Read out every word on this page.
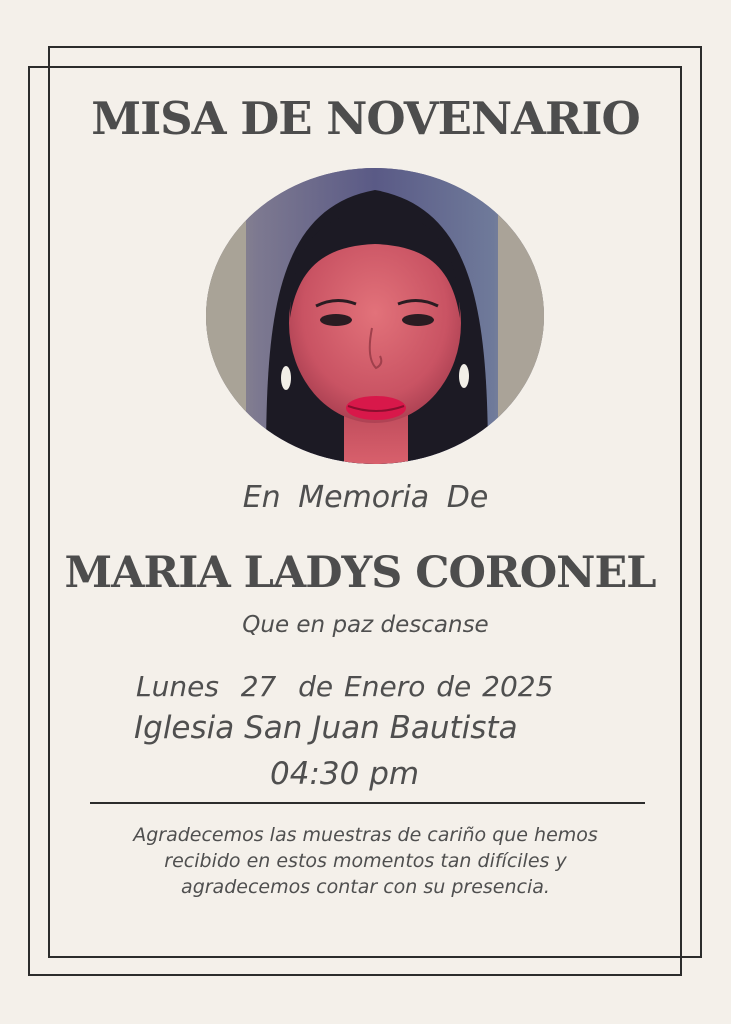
MISA DE NOVENARIO
En Memoria De
MARIA LADYS CORONEL
Que en paz descanse
Lunes  27  de Enero de 2025
Iglesia San Juan Bautista
04:30 pm
Agradecemos las muestras de cariño que hemos
recibido en estos momentos tan difíciles y
agradecemos contar con su presencia.
